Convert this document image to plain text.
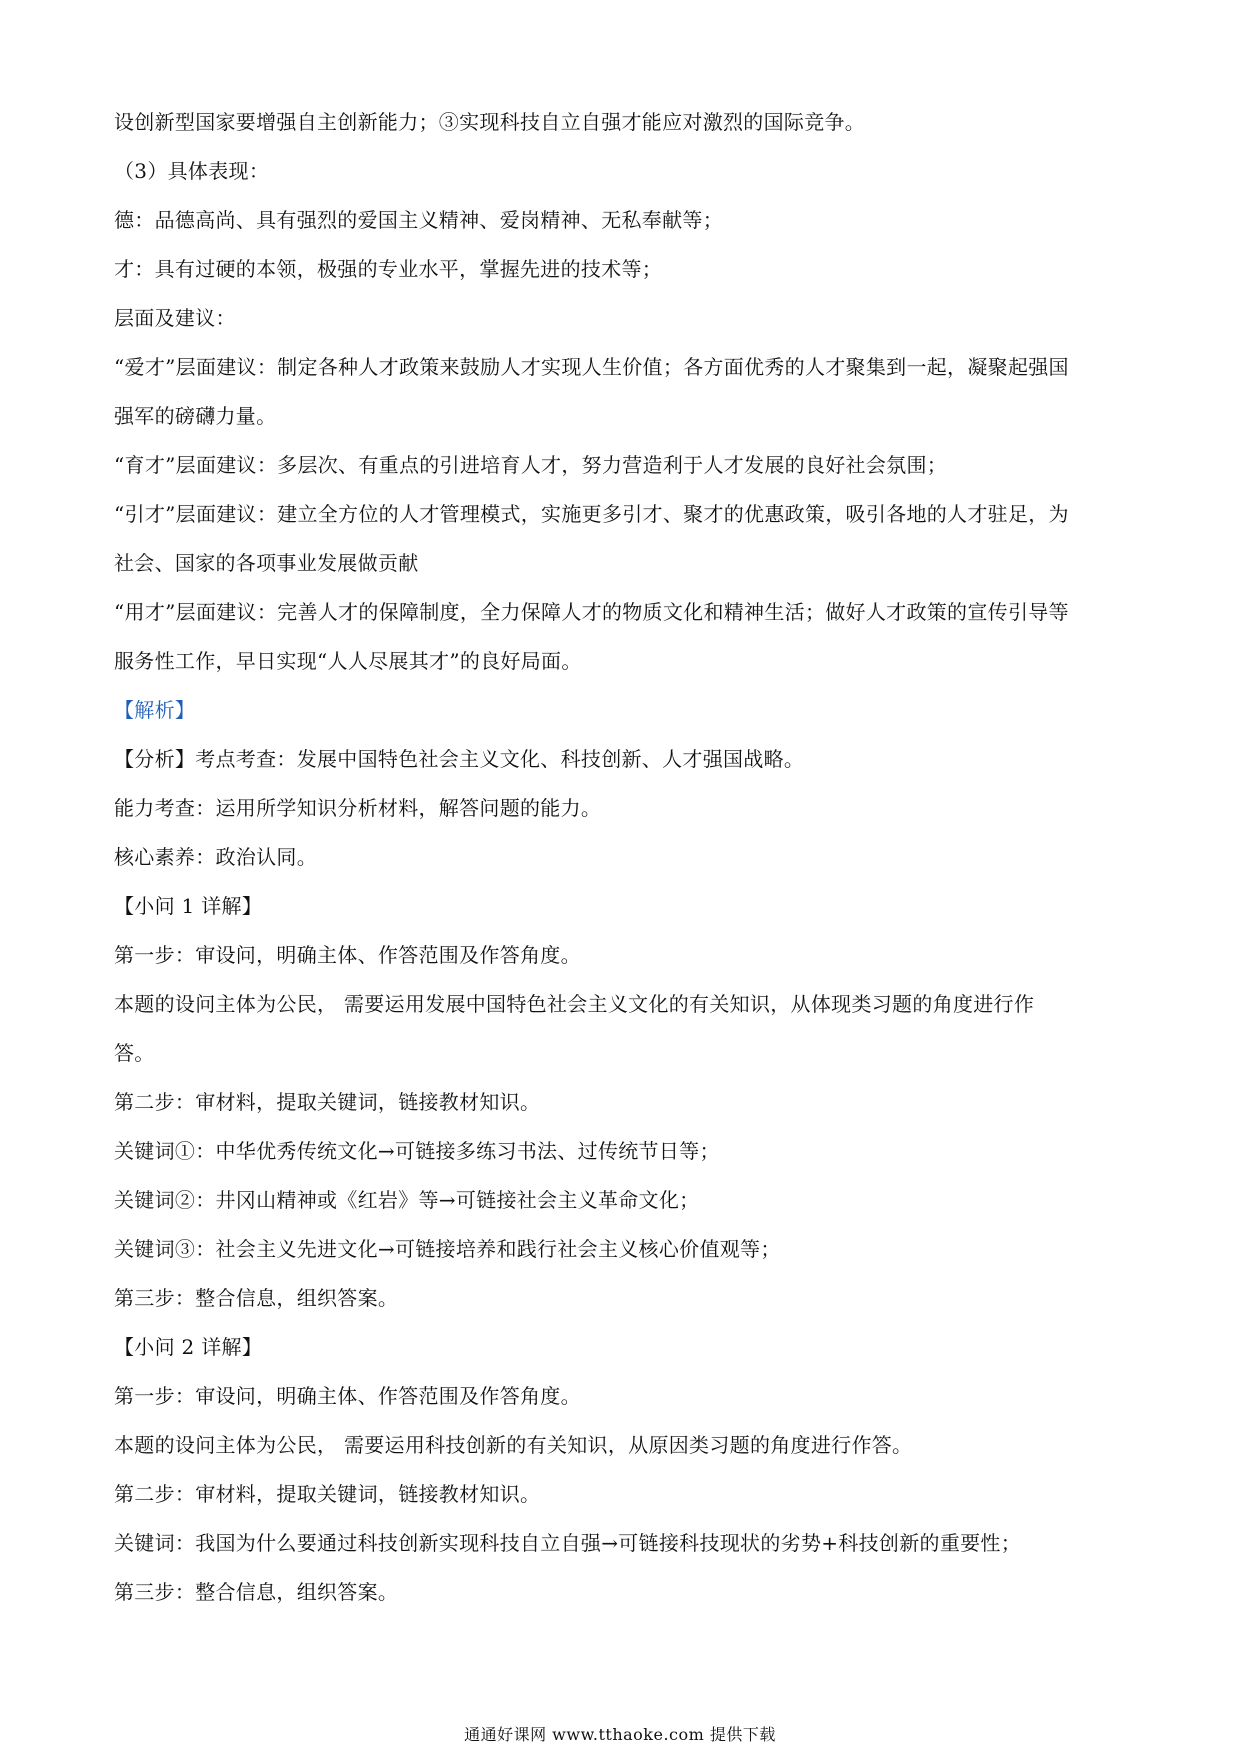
设创新型国家要增强自主创新能力；③实现科技自立自强才能应对激烈的国际竞争。
（3）具体表现：
德：品德高尚、具有强烈的爱国主义精神、爱岗精神、无私奉献等；
才：具有过硬的本领，极强的专业水平，掌握先进的技术等；
层面及建议：
“爱才”层面建议：制定各种人才政策来鼓励人才实现人生价值；各方面优秀的人才聚集到一起，凝聚起强国
强军的磅礴力量。
“育才”层面建议：多层次、有重点的引进培育人才，努力营造利于人才发展的良好社会氛围；
“引才”层面建议：建立全方位的人才管理模式，实施更多引才、聚才的优惠政策，吸引各地的人才驻足，为
社会、国家的各项事业发展做贡献
“用才”层面建议：完善人才的保障制度，全力保障人才的物质文化和精神生活；做好人才政策的宣传引导等
服务性工作，早日实现“人人尽展其才”的良好局面。
【解析】
【分析】考点考查：发展中国特色社会主义文化、科技创新、人才强国战略。
能力考查：运用所学知识分析材料，解答问题的能力。
核心素养：政治认同。
【小问 1 详解】
第一步：审设问，明确主体、作答范围及作答角度。
本题的设问主体为公民， 需要运用发展中国特色社会主义文化的有关知识，从体现类习题的角度进行作
答。
第二步：审材料，提取关键词，链接教材知识。
关键词①：中华优秀传统文化→可链接多练习书法、过传统节日等；
关键词②：井冈山精神或《红岩》等→可链接社会主义革命文化；
关键词③：社会主义先进文化→可链接培养和践行社会主义核心价值观等；
第三步：整合信息，组织答案。
【小问 2 详解】
第一步：审设问，明确主体、作答范围及作答角度。
本题的设问主体为公民， 需要运用科技创新的有关知识，从原因类习题的角度进行作答。
第二步：审材料，提取关键词，链接教材知识。
关键词：我国为什么要通过科技创新实现科技自立自强→可链接科技现状的劣势+科技创新的重要性；
第三步：整合信息，组织答案。
通通好课网 www.tthaoke.com 提供下载
